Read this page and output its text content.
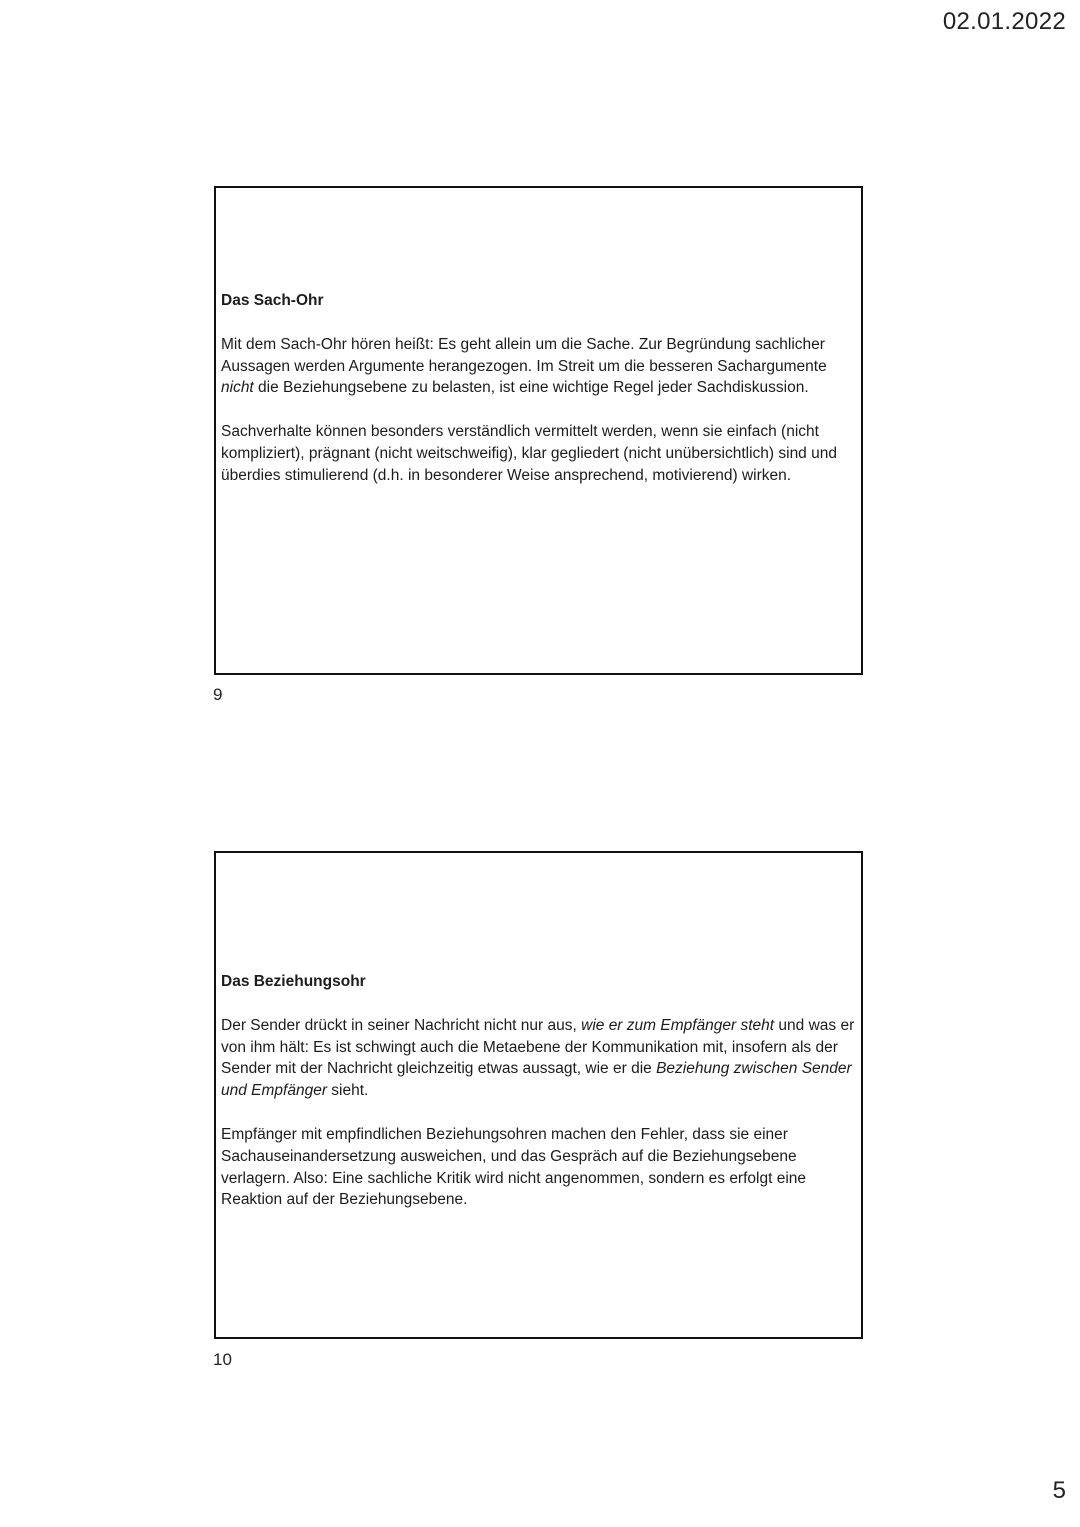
02.01.2022

Das Sach-Ohr

Mit dem Sach-Ohr hören heißt: Es geht allein um die Sache. Zur Begründung sachlicher Aussagen werden Argumente herangezogen. Im Streit um die besseren Sachargumente nicht die Beziehungsebene zu belasten, ist eine wichtige Regel jeder Sachdiskussion.

Sachverhalte können besonders verständlich vermittelt werden, wenn sie einfach (nicht kompliziert), prägnant (nicht weitschweifig), klar gegliedert (nicht unübersichtlich) sind und überdies stimulierend (d.h. in besonderer Weise ansprechend, motivierend) wirken.

9

Das Beziehungsohr

Der Sender drückt in seiner Nachricht nicht nur aus, wie er zum Empfänger steht und was er von ihm hält: Es ist schwingt auch die Metaebene der Kommunikation mit, insofern als der Sender mit der Nachricht gleichzeitig etwas aussagt, wie er die Beziehung zwischen Sender und Empfänger sieht.

Empfänger mit empfindlichen Beziehungsohren machen den Fehler, dass sie einer Sachauseinandersetzung ausweichen, und das Gespräch auf die Beziehungsebene verlagern. Also: Eine sachliche Kritik wird nicht angenommen, sondern es erfolgt eine Reaktion auf der Beziehungsebene.

10
5
